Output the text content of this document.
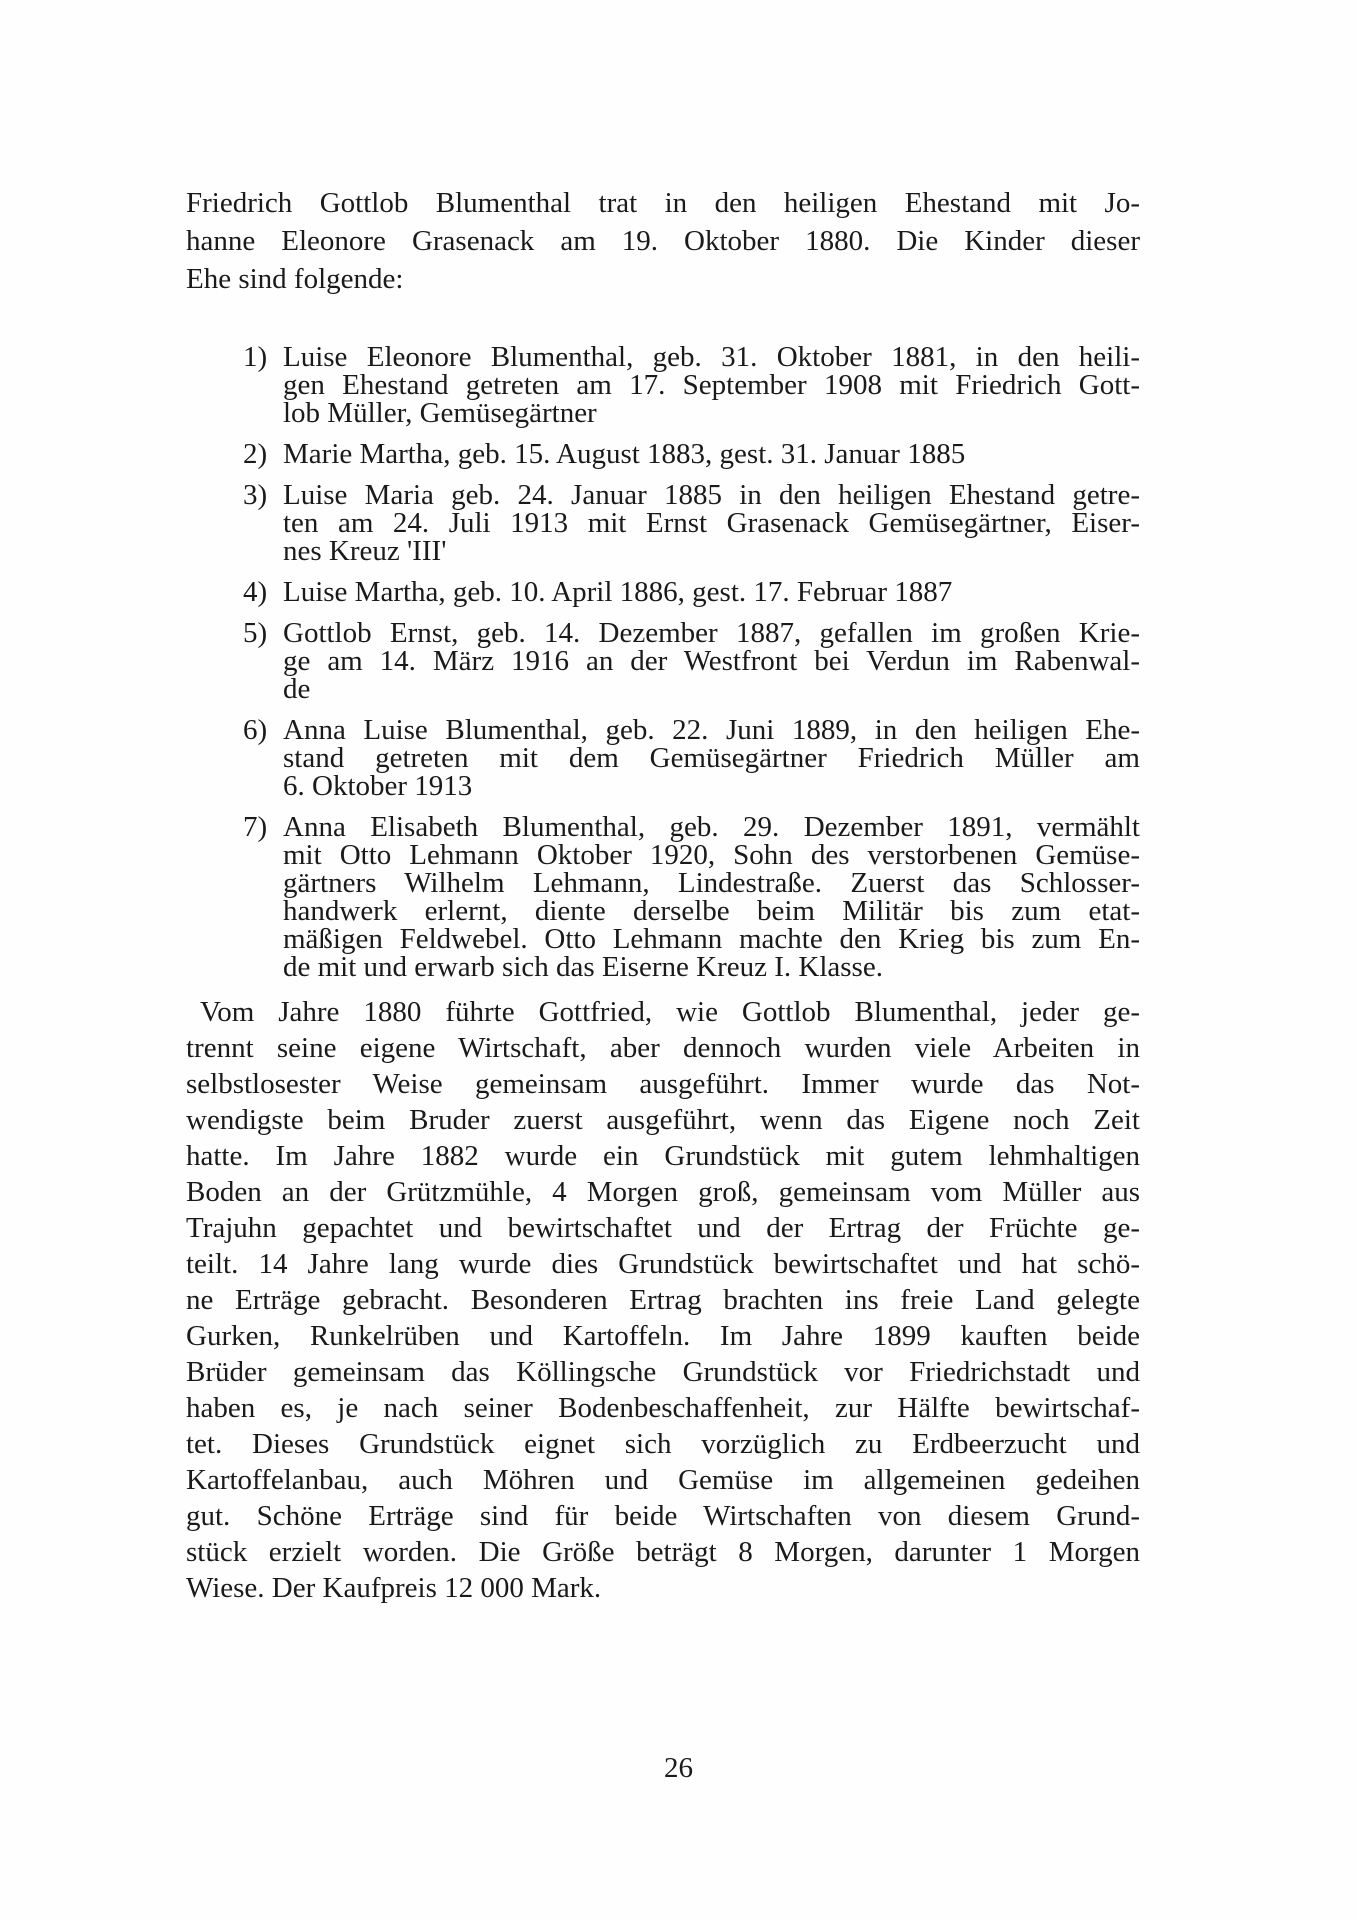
Friedrich Gottlob Blumenthal trat in den heiligen Ehestand mit Jo-
hanne Eleonore Grasenack am 19. Oktober 1880. Die Kinder dieser
Ehe sind folgende:
1) Luise Eleonore Blumenthal, geb. 31. Oktober 1881, in den heili-
gen Ehestand getreten am 17. September 1908 mit Friedrich Gott-
lob Müller, Gemüsegärtner
2) Marie Martha, geb. 15. August 1883, gest. 31. Januar 1885
3) Luise Maria geb. 24. Januar 1885 in den heiligen Ehestand getre-
ten am 24. Juli 1913 mit Ernst Grasenack Gemüsegärtner, Eiser-
nes Kreuz 'III'
4) Luise Martha, geb. 10. April 1886, gest. 17. Februar 1887
5) Gottlob Ernst, geb. 14. Dezember 1887, gefallen im großen Krie-
ge am 14. März 1916 an der Westfront bei Verdun im Rabenwal-
de
6) Anna Luise Blumenthal, geb. 22. Juni 1889, in den heiligen Ehe-
stand getreten mit dem Gemüsegärtner Friedrich Müller am
6. Oktober 1913
7) Anna Elisabeth Blumenthal, geb. 29. Dezember 1891, vermählt
mit Otto Lehmann Oktober 1920, Sohn des verstorbenen Gemüse-
gärtners Wilhelm Lehmann, Lindestraße. Zuerst das Schlosser-
handwerk erlernt, diente derselbe beim Militär bis zum etat-
mäßigen Feldwebel. Otto Lehmann machte den Krieg bis zum En-
de mit und erwarb sich das Eiserne Kreuz I. Klasse.
Vom Jahre 1880 führte Gottfried, wie Gottlob Blumenthal, jeder ge-
trennt seine eigene Wirtschaft, aber dennoch wurden viele Arbeiten in
selbstlosester Weise gemeinsam ausgeführt. Immer wurde das Not-
wendigste beim Bruder zuerst ausgeführt, wenn das Eigene noch Zeit
hatte. Im Jahre 1882 wurde ein Grundstück mit gutem lehmhaltigen
Boden an der Grützmühle, 4 Morgen groß, gemeinsam vom Müller aus
Trajuhn gepachtet und bewirtschaftet und der Ertrag der Früchte ge-
teilt. 14 Jahre lang wurde dies Grundstück bewirtschaftet und hat schö-
ne Erträge gebracht. Besonderen Ertrag brachten ins freie Land gelegte
Gurken, Runkelrüben und Kartoffeln. Im Jahre 1899 kauften beide
Brüder gemeinsam das Köllingsche Grundstück vor Friedrichstadt und
haben es, je nach seiner Bodenbeschaffenheit, zur Hälfte bewirtschaf-
tet. Dieses Grundstück eignet sich vorzüglich zu Erdbeerzucht und
Kartoffelanbau, auch Möhren und Gemüse im allgemeinen gedeihen
gut. Schöne Erträge sind für beide Wirtschaften von diesem Grund-
stück erzielt worden. Die Größe beträgt 8 Morgen, darunter 1 Morgen
Wiese. Der Kaufpreis 12 000 Mark.
26
